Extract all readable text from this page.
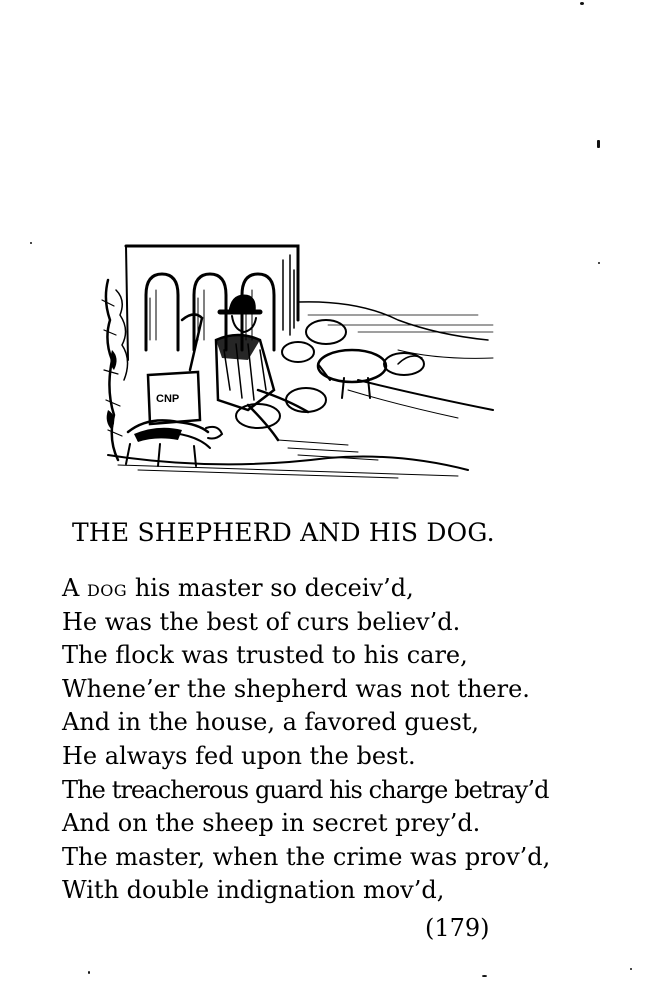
CNP
THE SHEPHERD AND HIS DOG.
A DOG his master so deceiv’d,
He was the best of curs believ’d.
The flock was trusted to his care,
Whene’er the shepherd was not there.
And in the house, a favored guest,
He always fed upon the best.
The treacherous guard his charge betray’d
And on the sheep in secret prey’d.
The master, when the crime was prov’d,
With double indignation mov’d,
(179)
